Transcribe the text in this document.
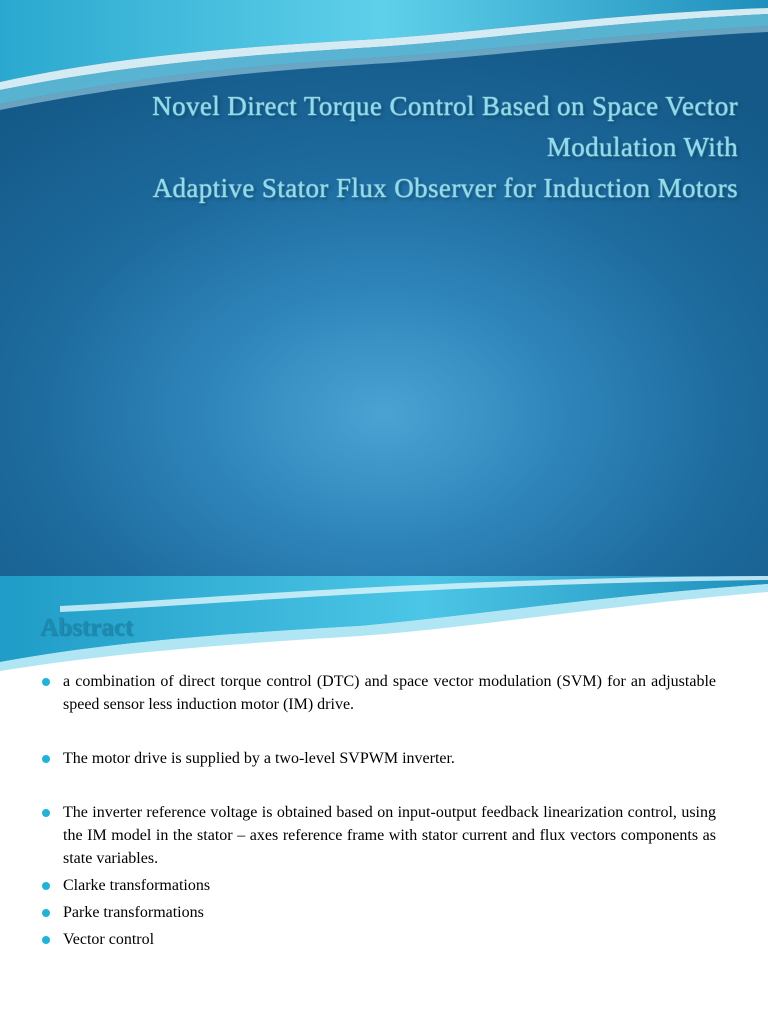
Novel Direct Torque Control Based on Space Vector
Modulation With
Adaptive Stator Flux Observer for Induction Motors
Abstract
a combination of direct torque control (DTC) and space vector modulation (SVM) for an adjustable speed sensor less induction motor (IM) drive.
The motor drive is supplied by a two-level SVPWM inverter.
The inverter reference voltage is obtained based on input-output feedback linearization control, using the IM model in the stator – axes reference frame with stator current and flux vectors components as state variables.
Clarke transformations
Parke transformations
Vector control
